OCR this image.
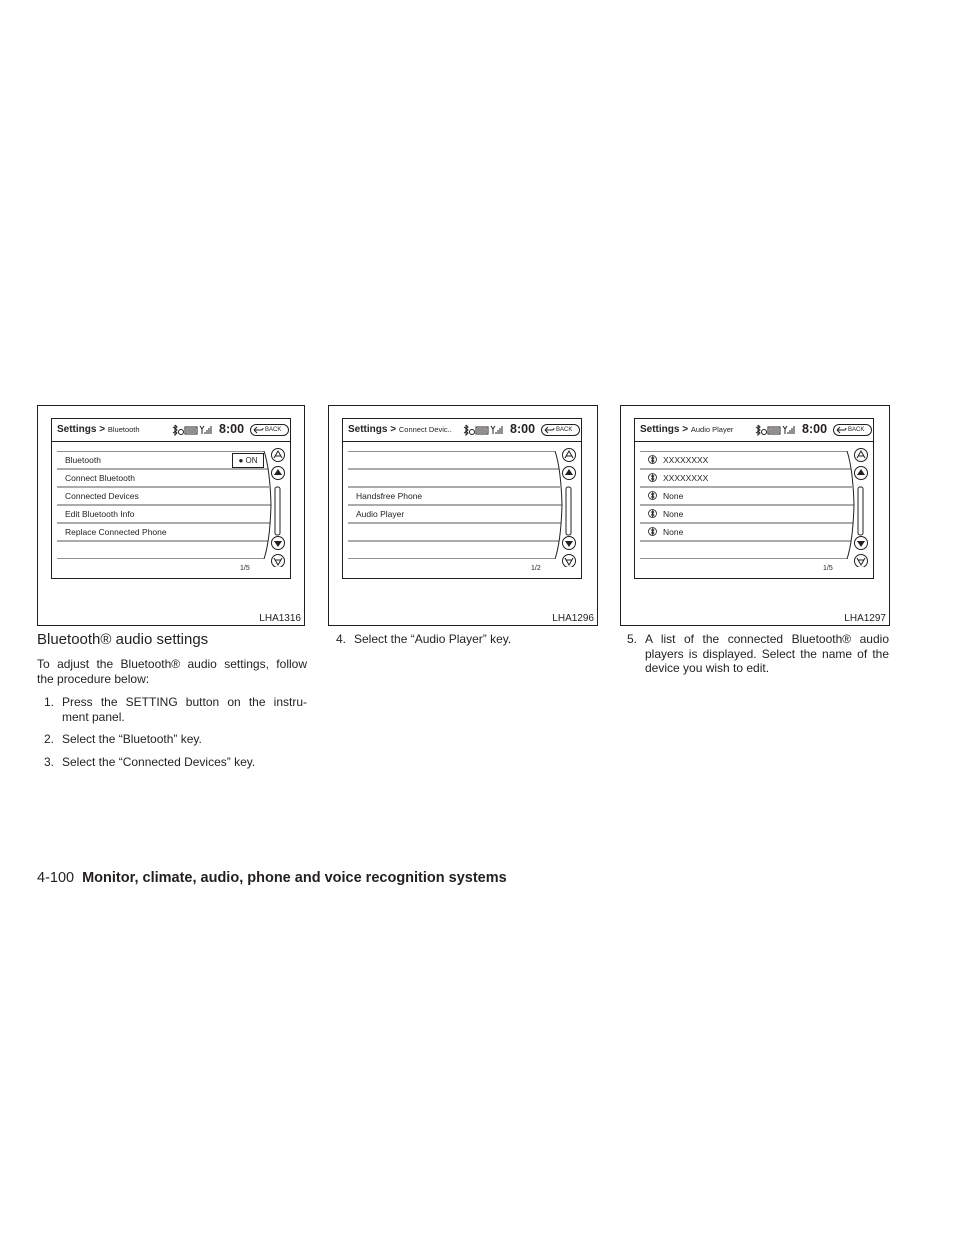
Settings > Bluetooth	8:00	BACK
Bluetooth	● ON
Connect Bluetooth
Connected Devices
Edit Bluetooth Info
Replace Connected Phone
1/5
LHA1316
Settings > Connect Devic..	8:00	BACK
Handsfree Phone
Audio Player
1/2
LHA1296
Settings > Audio Player	8:00	BACK
XXXXXXXX
XXXXXXXX
None
None
None
1/5
LHA1297
Bluetooth® audio settings
To adjust the Bluetooth® audio settings, follow
the procedure below:
1. Press the SETTING button on the instru-
ment panel.
2. Select the “Bluetooth” key.
3. Select the “Connected Devices” key.
4. Select the “Audio Player” key.	5. A list of the connected Bluetooth® audio
players is displayed. Select the name of the
device you wish to edit.
4-100 Monitor, climate, audio, phone and voice recognition systems
